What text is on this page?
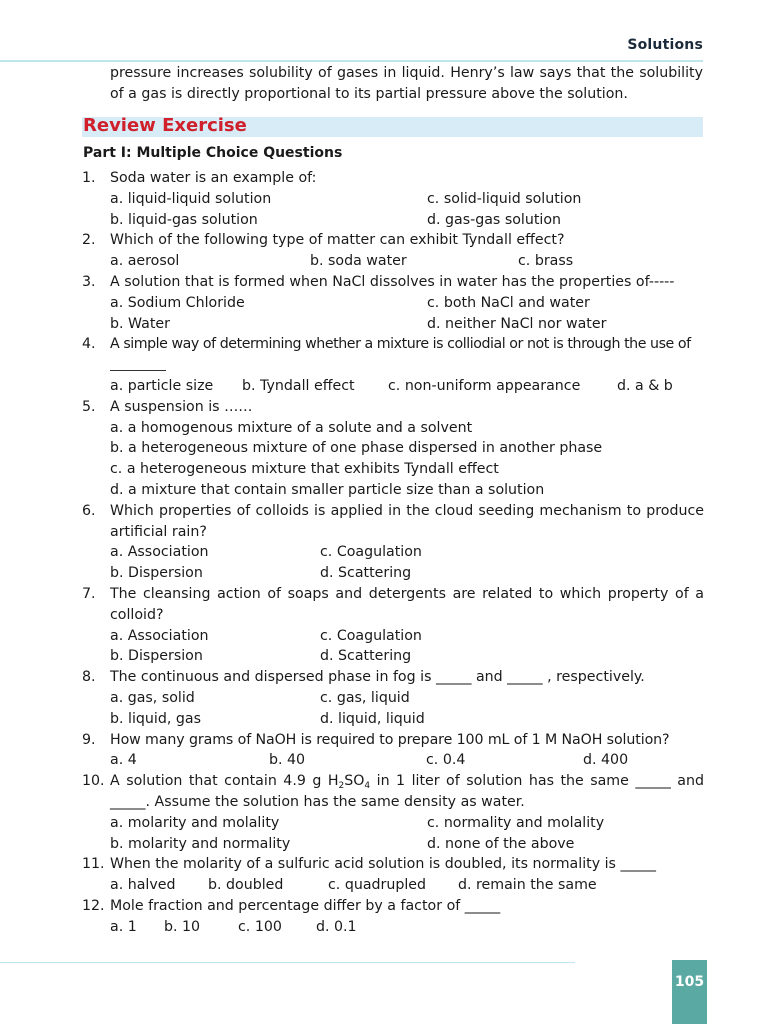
Solutions
pressure increases solubility of gases in liquid. Henry’s law says that the solubility of a gas is directly proportional to its partial pressure above the solution.
Review Exercise
Part I: Multiple Choice Questions
1.	Soda water is an example of:
a. liquid-liquid solution	c. solid-liquid solution
b. liquid-gas solution	d. gas-gas solution
2.	Which of the following type of matter can exhibit Tyndall effect?
a. aerosol	b. soda water	c. brass
3.	A solution that is formed when NaCl dissolves in water has the properties of-----
a. Sodium Chloride	c. both NaCl and water
b. Water	d. neither NaCl nor water
4.	A simple way of determining whether a mixture is colliodial or not is through the use of
a. particle size	b. Tyndall effect	c. non-uniform appearance	d. a & b
5.	A suspension is ……
a. a homogenous mixture of a solute and a solvent
b. a heterogeneous mixture of one phase dispersed in another phase
c. a heterogeneous mixture that exhibits Tyndall effect
d. a mixture that contain smaller particle size than a solution
6.	Which properties of colloids is applied in the cloud seeding mechanism to produce artificial rain?
a. Association	c. Coagulation
b. Dispersion	d. Scattering
7.	The cleansing action of soaps and detergents are related to which property of a colloid?
a. Association	c. Coagulation
b. Dispersion	d. Scattering
8.	The continuous and dispersed phase in fog is _____ and _____ , respectively.
a. gas, solid	c. gas, liquid
b. liquid, gas	d. liquid, liquid
9.	How many grams of NaOH is required to prepare 100 mL of 1 M NaOH solution?
a. 4	b. 40	c. 0.4	d. 400
10. A solution that contain 4.9 g $H_2SO_4$ in 1 liter of solution has the same _____ and _____. Assume the solution has the same density as water.
a. molarity and molality	c. normality and molality
b. molarity and normality	d. none of the above
11. When the molarity of a sulfuric acid solution is doubled, its normality is _____
a. halved	b. doubled	c. quadrupled	d. remain the same
12. Mole fraction and percentage differ by a factor of _____
a. 1	b. 10	c. 100	d. 0.1
105
